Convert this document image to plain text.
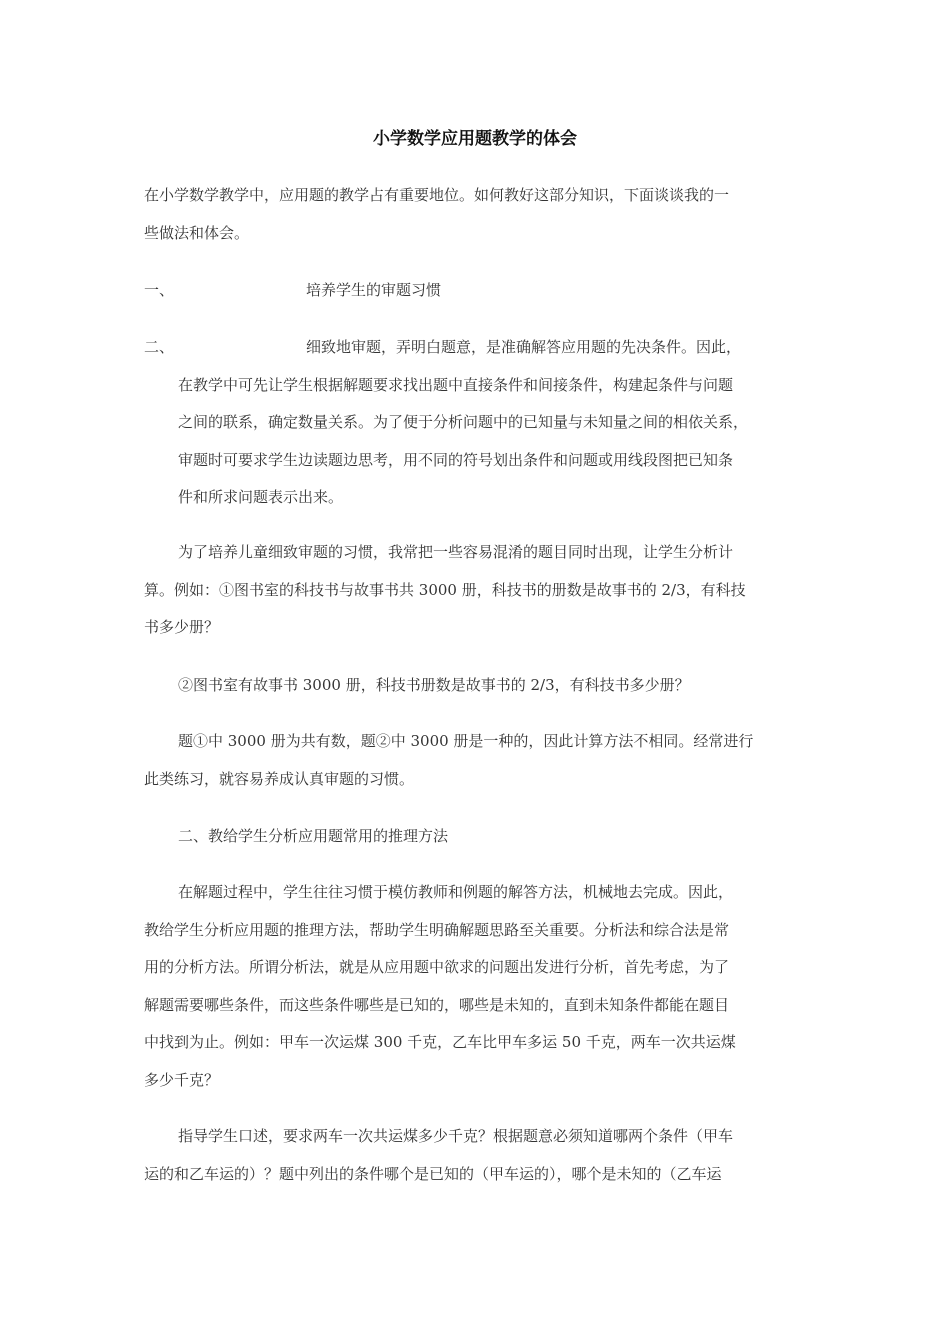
小学数学应用题教学的体会
在小学数学教学中，应用题的教学占有重要地位。如何教好这部分知识，下面谈谈我的一
些做法和体会。
一、	培养学生的审题习惯
二、	细致地审题，弄明白题意，是准确解答应用题的先决条件。因此，
在教学中可先让学生根据解题要求找出题中直接条件和间接条件，构建起条件与问题
之间的联系，确定数量关系。为了便于分析问题中的已知量与未知量之间的相依关系，
审题时可要求学生边读题边思考，用不同的符号划出条件和问题或用线段图把已知条
件和所求问题表示出来。
为了培养儿童细致审题的习惯，我常把一些容易混淆的题目同时出现，让学生分析计
算。例如：①图书室的科技书与故事书共 3000 册，科技书的册数是故事书的 2/3，有科技
书多少册？
②图书室有故事书 3000 册，科技书册数是故事书的 2/3，有科技书多少册？
题①中 3000 册为共有数，题②中 3000 册是一种的，因此计算方法不相同。经常进行
此类练习，就容易养成认真审题的习惯。
二、教给学生分析应用题常用的推理方法
在解题过程中，学生往往习惯于模仿教师和例题的解答方法，机械地去完成。因此，
教给学生分析应用题的推理方法，帮助学生明确解题思路至关重要。分析法和综合法是常
用的分析方法。所谓分析法，就是从应用题中欲求的问题出发进行分析，首先考虑，为了
解题需要哪些条件，而这些条件哪些是已知的，哪些是未知的，直到未知条件都能在题目
中找到为止。例如：甲车一次运煤 300 千克，乙车比甲车多运 50 千克，两车一次共运煤
多少千克？
指导学生口述，要求两车一次共运煤多少千克？根据题意必须知道哪两个条件（甲车
运的和乙车运的）？题中列出的条件哪个是已知的（甲车运的），哪个是未知的（乙车运
